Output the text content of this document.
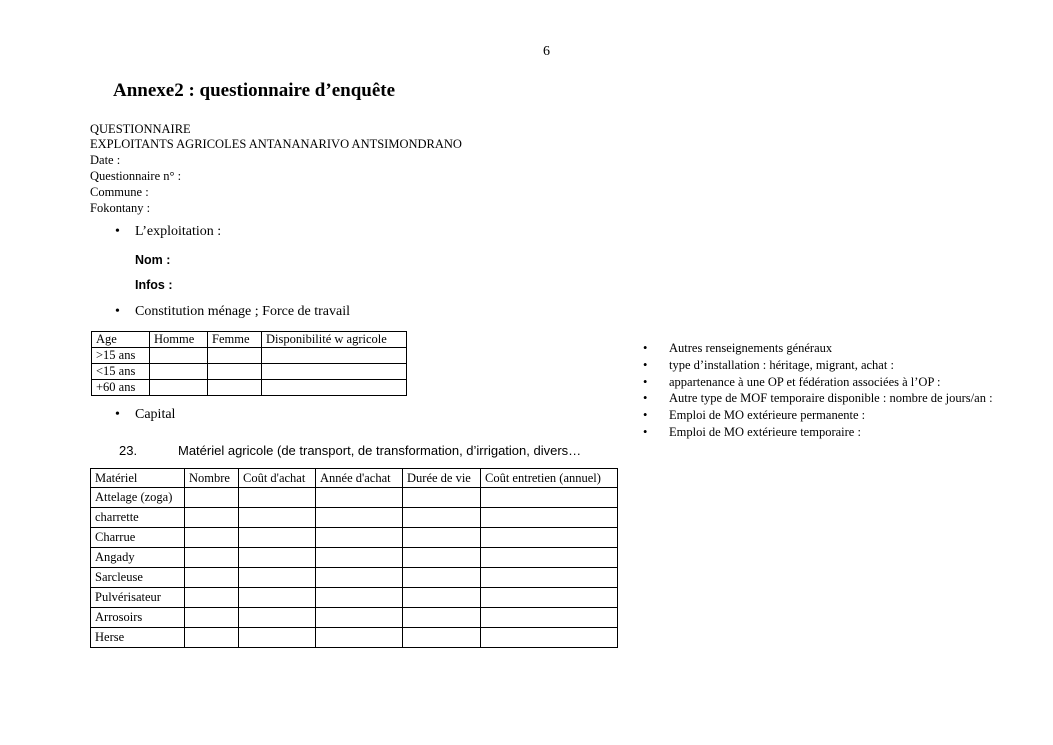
6
Annexe2 : questionnaire d’enquête
QUESTIONNAIRE
EXPLOITANTS AGRICOLES ANTANANARIVO ANTSIMONDRANO
Date :
Questionnaire n° :
Commune :
Fokontany :
• L’exploitation :
Nom :
Infos :
• Constitution ménage ; Force de travail
Age	Homme	Femme	Disponibilité w agricole
>15 ans			
<15 ans			
+60 ans			
• Capital
23.	Matériel agricole (de transport, de transformation, d’irrigation, divers…
Matériel	Nombre	Coût d'achat	Année d'achat	Durée de vie	Coût entretien (annuel)
Attelage (zoga)					
charrette					
Charrue					
Angady					
Sarcleuse					
Pulvérisateur					
Arrosoirs					
Herse					
• Autres renseignements généraux
• type d’installation : héritage, migrant, achat :
• appartenance à une OP et fédération associées à l’OP :
• Autre type de MOF temporaire disponible : nombre de jours/an :
• Emploi de MO extérieure permanente :
• Emploi de MO extérieure temporaire :
